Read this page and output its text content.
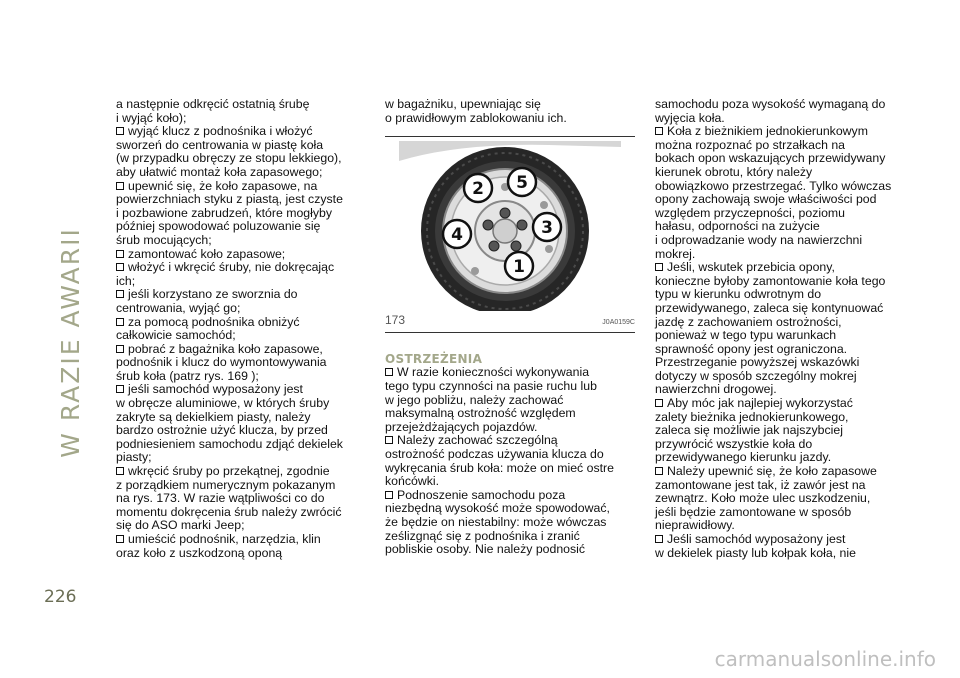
W RAZIE AWARII

a następnie odkręcić ostatnią śrubę

i wyjąć koło);

wyjąć klucz z podnośnika i włożyć

sworzeń do centrowania w piastę koła

(w przypadku obręczy ze stopu lekkiego),

aby ułatwić montaż koła zapasowego;

upewnić się, że koło zapasowe, na

powierzchniach styku z piastą, jest czyste

i pozbawione zabrudzeń, które mogłyby

później spowodować poluzowanie się

śrub mocujących;

zamontować koło zapasowe;

włożyć i wkręcić śruby, nie dokręcając

ich;

jeśli korzystano ze sworznia do

centrowania, wyjąć go;

za pomocą podnośnika obniżyć

całkowicie samochód;

pobrać z bagażnika koło zapasowe,

podnośnik i klucz do wymontowywania

śrub koła (patrz rys. 169 );

jeśli samochód wyposażony jest

w obręcze aluminiowe, w których śruby

zakryte są dekielkiem piasty, należy

bardzo ostrożnie użyć klucza, by przed

podniesieniem samochodu zdjąć dekielek

piasty;

wkręcić śruby po przekątnej, zgodnie

z porządkiem numerycznym pokazanym

na rys. 173. W razie wątpliwości co do

momentu dokręcenia śrub należy zwrócić

się do ASO marki Jeep;

umieścić podnośnik, narzędzia, klin

oraz koło z uszkodzoną oponą

w bagażniku, upewniając się

o prawidłowym zablokowaniu ich.

2 5
3
4
1
173	J0A0159C
OSTRZEŻENIA

W razie konieczności wykonywania

tego typu czynności na pasie ruchu lub

w jego pobliżu, należy zachować

maksymalną ostrożność względem

przejeżdżających pojazdów.

Należy zachować szczególną

ostrożność podczas używania klucza do

wykręcania śrub koła: może on mieć ostre

końcówki.

Podnoszenie samochodu poza

niezbędną wysokość może spowodować,

że będzie on niestabilny: może wówczas

ześlizgnąć się z podnośnika i zranić

pobliskie osoby. Nie należy podnosić

samochodu poza wysokość wymaganą do

wyjęcia koła.

Koła z bieżnikiem jednokierunkowym

można rozpoznać po strzałkach na

bokach opon wskazujących przewidywany

kierunek obrotu, który należy

obowiązkowo przestrzegać. Tylko wówczas

opony zachowają swoje właściwości pod

względem przyczepności, poziomu

hałasu, odporności na zużycie

i odprowadzanie wody na nawierzchni

mokrej.

Jeśli, wskutek przebicia opony,

konieczne byłoby zamontowanie koła tego

typu w kierunku odwrotnym do

przewidywanego, zaleca się kontynuować

jazdę z zachowaniem ostrożności,

ponieważ w tego typu warunkach

sprawność opony jest ograniczona.

Przestrzeganie powyższej wskazówki

dotyczy w sposób szczególny mokrej

nawierzchni drogowej.

Aby móc jak najlepiej wykorzystać

zalety bieżnika jednokierunkowego,

zaleca się możliwie jak najszybciej

przywrócić wszystkie koła do

przewidywanego kierunku jazdy.

Należy upewnić się, że koło zapasowe

zamontowane jest tak, iż zawór jest na

zewnątrz. Koło może ulec uszkodzeniu,

jeśli będzie zamontowane w sposób

nieprawidłowy.

Jeśli samochód wyposażony jest

w dekielek piasty lub kołpak koła, nie

226
carmanualsonline.info
